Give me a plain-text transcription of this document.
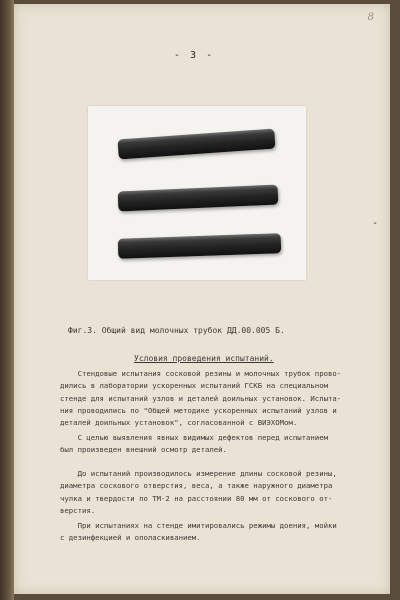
8
- 3 -
-
Фиг.3. Общий вид молочных трубок ДД.00.005 Б.
Условия проведения испытаний.

Стендовые испытания сосковой резины и молочных трубок прово-
дились в лаборатории ускоренных испытаний ГСКБ на специальном
стенде для испытаний узлов и деталей доильных установок. Испыта-
ния проводились по "Общей методике ускоренных испытаний узлов и
деталей доильных установок", согласованной с ВИЭХОМом.

С целью выявления явных видимых дефектов перед испытанием
был произведен внешний осмотр деталей.

До испытаний производилось измерение длины сосковой резины,
диаметра соскового отверстия, веса, а также наружного диаметра
чулка и твердости по ТМ-2 на расстоянии 80 мм от соскового от-
верстия.

При испытаниях на стенде имитировались режимы доения, мойки
с дезинфекцией и ополаскиванием.
